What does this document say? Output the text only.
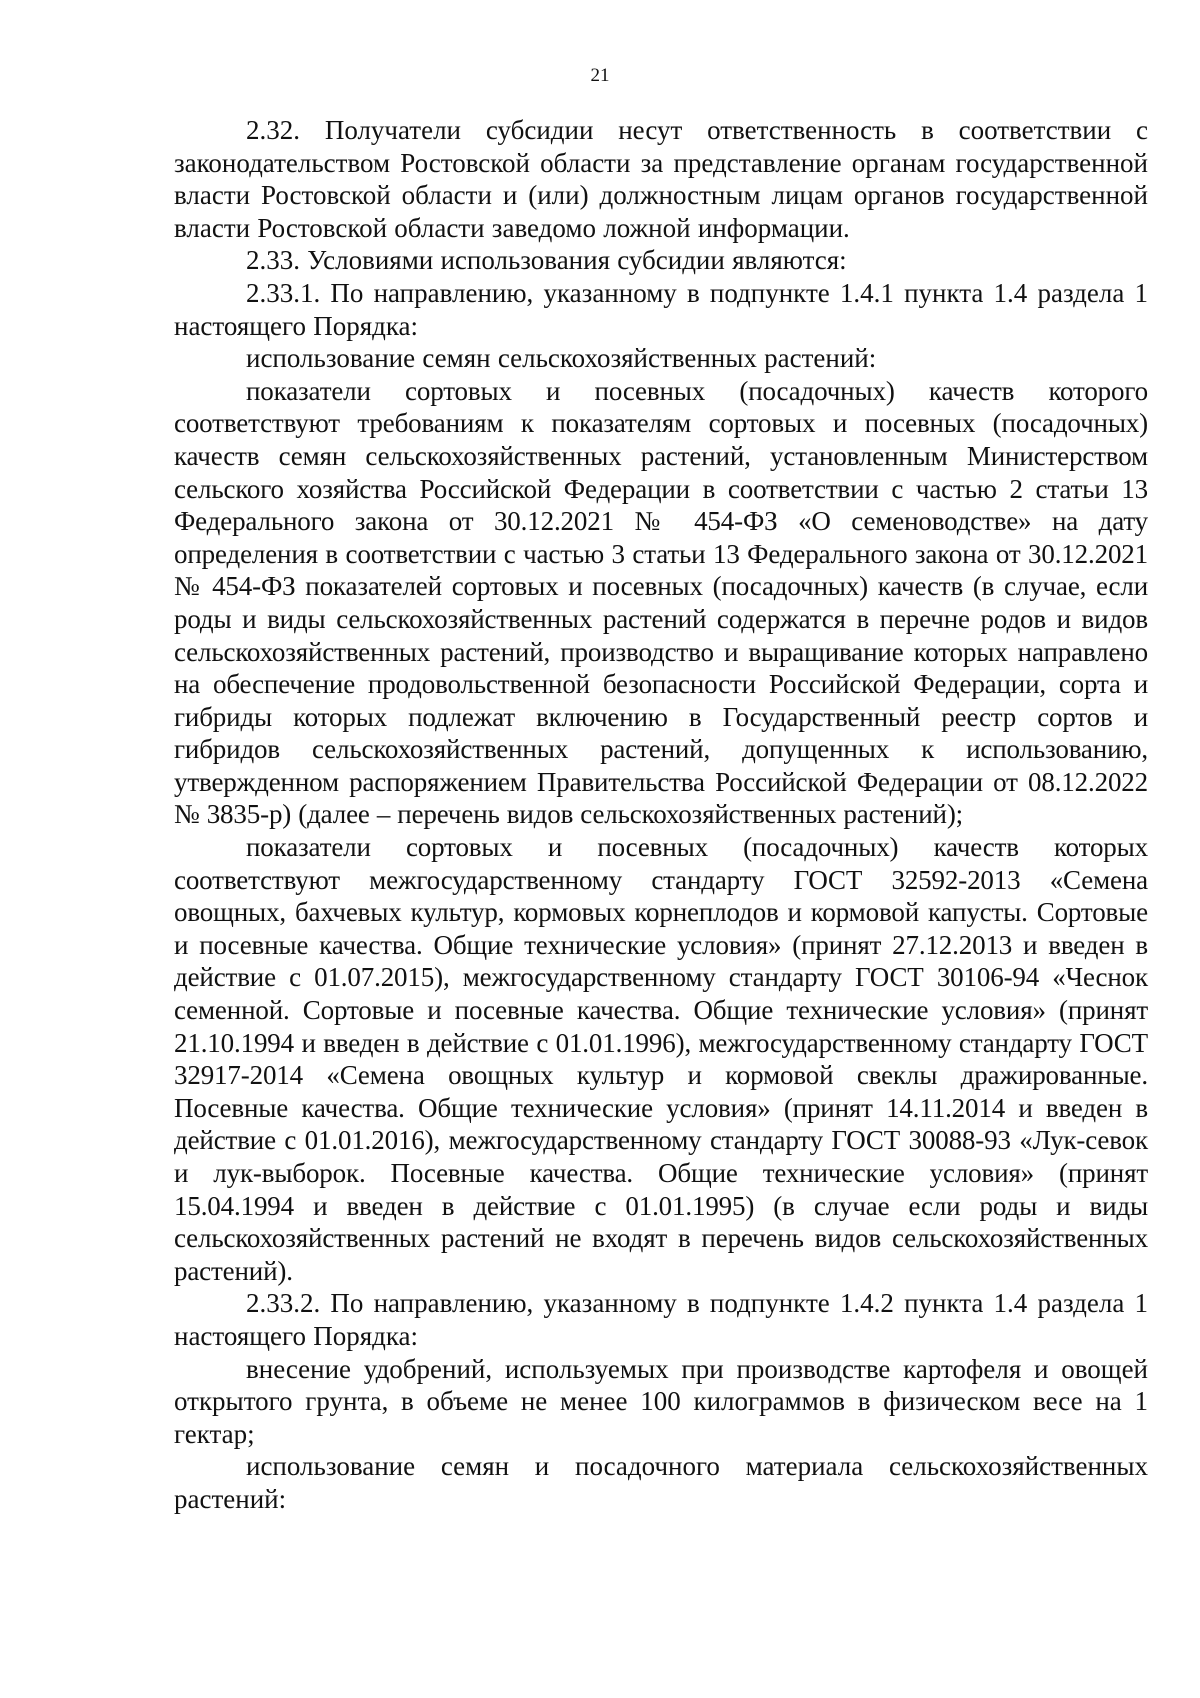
21

2.32. Получатели субсидии несут ответственность в соответствии с законодательством Ростовской области за представление органам государственной власти Ростовской области и (или) должностным лицам органов государственной власти Ростовской области заведомо ложной информации.

2.33. Условиями использования субсидии являются:

2.33.1. По направлению, указанному в подпункте 1.4.1 пункта 1.4 раздела 1 настоящего Порядка:

использование семян сельскохозяйственных растений:

показатели сортовых и посевных (посадочных) качеств которого соответствуют требованиям к показателям сортовых и посевных (посадочных) качеств семян сельскохозяйственных растений, установленным Министерством сельского хозяйства Российской Федерации в соответствии с частью 2 статьи 13 Федерального закона от 30.12.2021 № 454-ФЗ «О семеноводстве» на дату определения в соответствии с частью 3 статьи 13 Федерального закона от 30.12.2021 № 454-ФЗ показателей сортовых и посевных (посадочных) качеств (в случае, если роды и виды сельскохозяйственных растений содержатся в перечне родов и видов сельскохозяйственных растений, производство и выращивание которых направлено на обеспечение продовольственной безопасности Российской Федерации, сорта и гибриды которых подлежат включению в Государственный реестр сортов и гибридов сельскохозяйственных растений, допущенных к использованию, утвержденном распоряжением Правительства Российской Федерации от 08.12.2022 № 3835-р) (далее – перечень видов сельскохозяйственных растений);

показатели сортовых и посевных (посадочных) качеств которых соответствуют межгосударственному стандарту ГОСТ 32592-2013 «Семена овощных, бахчевых культур, кормовых корнеплодов и кормовой капусты. Сортовые и посевные качества. Общие технические условия» (принят 27.12.2013 и введен в действие с 01.07.2015), межгосударственному стандарту ГОСТ 30106-94 «Чеснок семенной. Сортовые и посевные качества. Общие технические условия» (принят 21.10.1994 и введен в действие с 01.01.1996), межгосударственному стандарту ГОСТ 32917-2014 «Семена овощных культур и кормовой свеклы дражированные. Посевные качества. Общие технические условия» (принят 14.11.2014 и введен в действие с 01.01.2016), межгосударственному стандарту ГОСТ 30088-93 «Лук-севок и лук-выборок. Посевные качества. Общие технические условия» (принят 15.04.1994 и введен в действие с 01.01.1995) (в случае если роды и виды сельскохозяйственных растений не входят в перечень видов сельскохозяйственных растений).

2.33.2. По направлению, указанному в подпункте 1.4.2 пункта 1.4 раздела 1 настоящего Порядка:

внесение удобрений, используемых при производстве картофеля и овощей открытого грунта, в объеме не менее 100 килограммов в физическом весе на 1 гектар;

использование семян и посадочного материала сельскохозяйственных растений:
